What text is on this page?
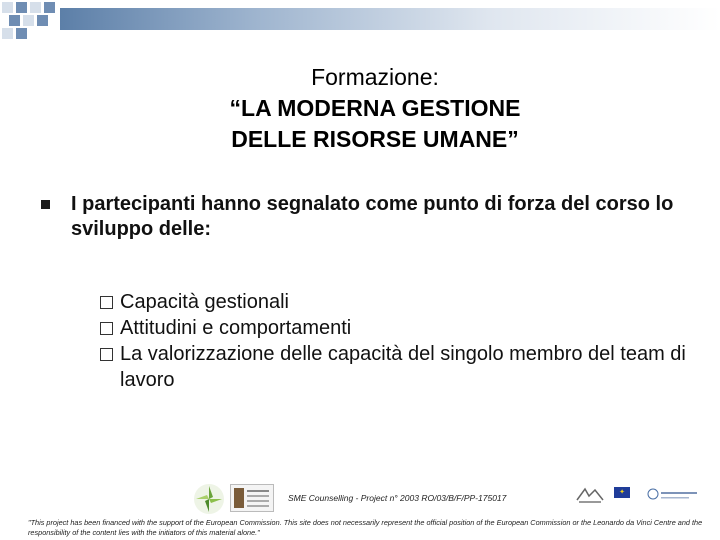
Formazione:
“LA MODERNA GESTIONE
DELLE RISORSE UMANE”
I partecipanti hanno segnalato come punto di forza del corso lo sviluppo delle:
Capacità gestionali
Attitudini e comportamenti
La valorizzazione delle capacità del singolo membro del team di lavoro
SME Counselling - Project n° 2003 RO/03/B/F/PP-175017
✦
"This project has been financed with the support of the European Commission. This site does not necessarily represent the official position of the European Commission or the Leonardo da Vinci Centre and the responsibility of the content lies with the initiators of this material alone."
